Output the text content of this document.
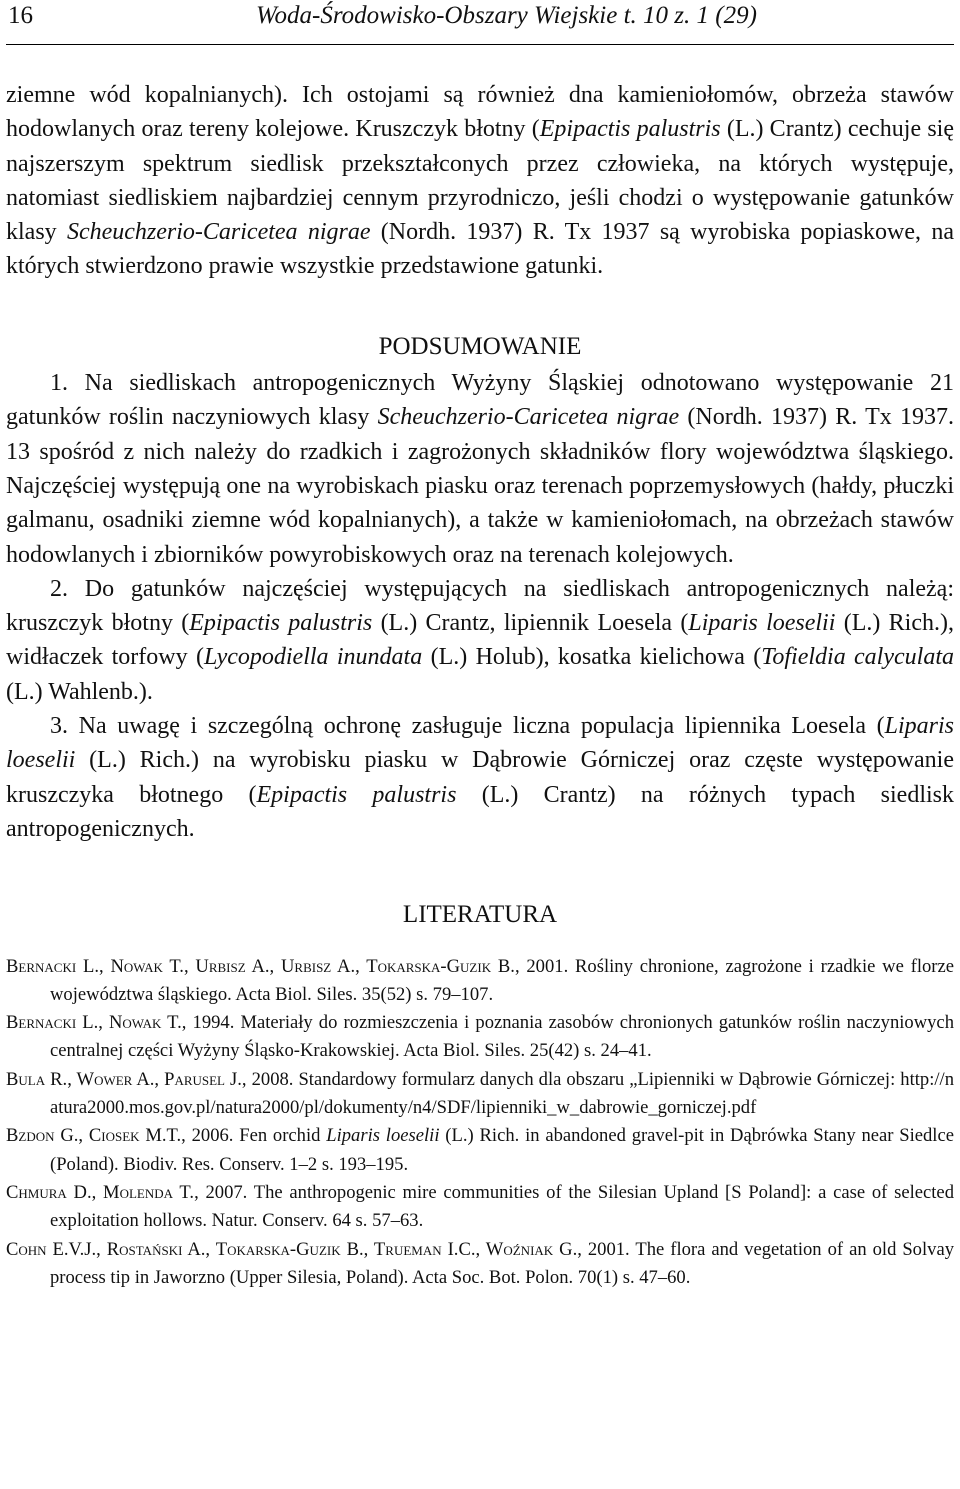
16	Woda-Środowisko-Obszary Wiejskie t. 10 z. 1 (29)

ziemne wód kopalnianych). Ich ostojami są również dna kamieniołomów, obrzeża stawów hodowlanych oraz tereny kolejowe. Kruszczyk błotny (Epipactis palustris (L.) Crantz) cechuje się najszerszym spektrum siedlisk przekształconych przez człowieka, na których występuje, natomiast siedliskiem najbardziej cennym przyrodniczo, jeśli chodzi o występowanie gatunków klasy Scheuchzerio-Caricetea nigrae (Nordh. 1937) R. Tx 1937 są wyrobiska popiaskowe, na których stwierdzono prawie wszystkie przedstawione gatunki.

PODSUMOWANIE

1. Na siedliskach antropogenicznych Wyżyny Śląskiej odnotowano występowanie 21 gatunków roślin naczyniowych klasy Scheuchzerio-Caricetea nigrae (Nordh. 1937) R. Tx 1937. 13 spośród z nich należy do rzadkich i zagrożonych składników flory województwa śląskiego. Najczęściej występują one na wyrobiskach piasku oraz terenach poprzemysłowych (hałdy, płuczki galmanu, osadniki ziemne wód kopalnianych), a także w kamieniołomach, na obrzeżach stawów hodowlanych i zbiorników powyrobiskowych oraz na terenach kolejowych.

2. Do gatunków najczęściej występujących na siedliskach antropogenicznych należą: kruszczyk błotny (Epipactis palustris (L.) Crantz, lipiennik Loesela (Liparis loeselii (L.) Rich.), widłaczek torfowy (Lycopodiella inundata (L.) Holub), kosatka kielichowa (Tofieldia calyculata (L.) Wahlenb.).

3. Na uwagę i szczególną ochronę zasługuje liczna populacja lipiennika Loesela (Liparis loeselii (L.) Rich.) na wyrobisku piasku w Dąbrowie Górniczej oraz częste występowanie kruszczyka błotnego (Epipactis palustris (L.) Crantz) na różnych typach siedlisk antropogenicznych.

LITERATURA

Bernacki L., Nowak T., Urbisz A., Urbisz A., Tokarska-Guzik B., 2001. Rośliny chronione, zagrożone i rzadkie we florze województwa śląskiego. Acta Biol. Siles. 35(52) s. 79–107.

Bernacki L., Nowak T., 1994. Materiały do rozmieszczenia i poznania zasobów chronionych gatunków roślin naczyniowych centralnej części Wyżyny Śląsko-Krakowskiej. Acta Biol. Siles. 25(42) s. 24–41.

Bula R., Wower A., Parusel J., 2008. Standardowy formularz danych dla obszaru „Lipienniki w Dąbrowie Górniczej: http://natura2000.mos.gov.pl/natura2000/pl/dokumenty/n4/SDF/lipienniki_w_dabrowie_gorniczej.pdf

Bzdon G., Ciosek M.T., 2006. Fen orchid Liparis loeselii (L.) Rich. in abandoned gravel-pit in Dąbrówka Stany near Siedlce (Poland). Biodiv. Res. Conserv. 1–2 s. 193–195.

Chmura D., Molenda T., 2007. The anthropogenic mire communities of the Silesian Upland [S Poland]: a case of selected exploitation hollows. Natur. Conserv. 64 s. 57–63.

Cohn E.V.J., Rostański A., Tokarska-Guzik B., Trueman I.C., Woźniak G., 2001. The flora and vegetation of an old Solvay process tip in Jaworzno (Upper Silesia, Poland). Acta Soc. Bot. Polon. 70(1) s. 47–60.
